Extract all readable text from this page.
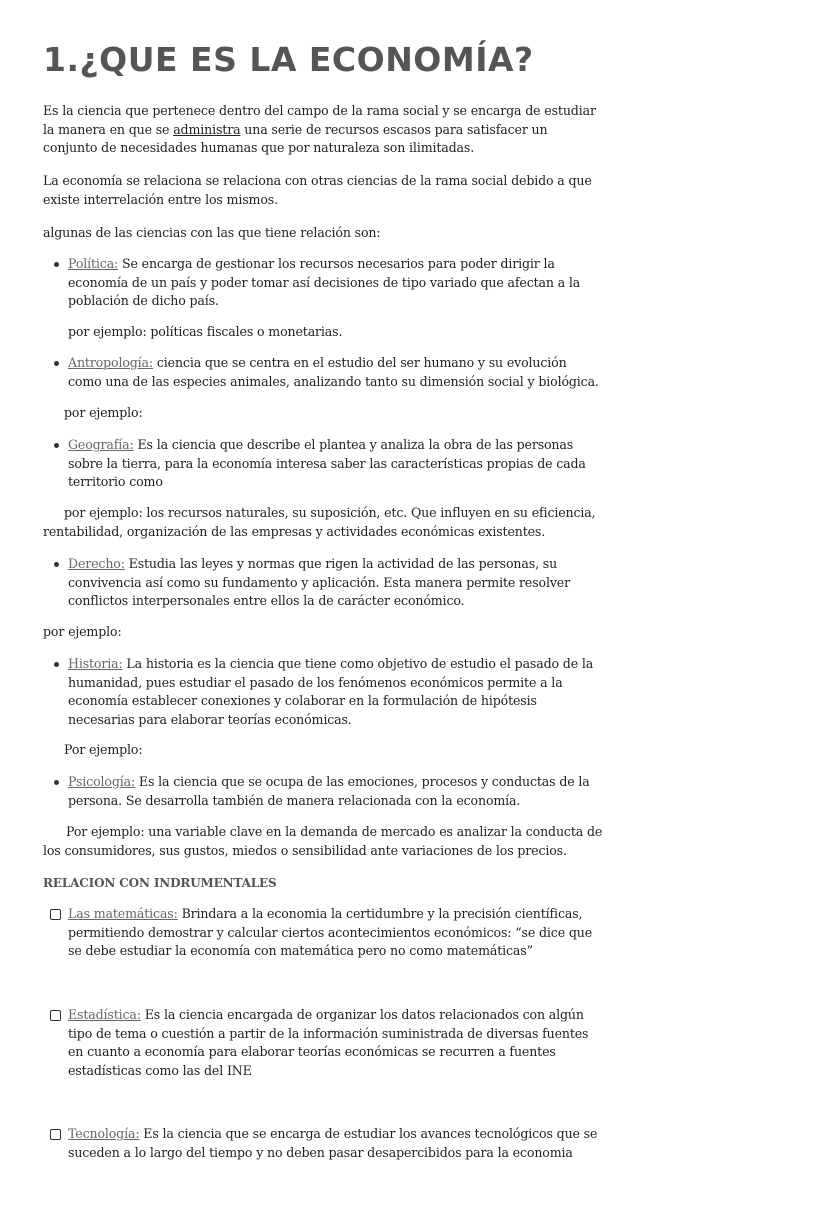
1.¿QUE ES LA ECONOMÍA?

Es la ciencia que pertenece dentro del campo de la rama social y se encarga de estudiar la manera en que se administra una serie de recursos escasos para satisfacer un conjunto de necesidades humanas que por naturaleza son ilimitadas.

La economía se relaciona se relaciona con otras ciencias de la rama social debido a que existe interrelación entre los mismos.

algunas de las ciencias con las que tiene relación son:

Política: Se encarga de gestionar los recursos necesarios para poder dirigir la economía de un país y poder tomar así decisiones de tipo variado que afectan a la población de dicho país.
por ejemplo: políticas fiscales o monetarias.
Antropología: ciencia que se centra en el estudio del ser humano y su evolución como una de las especies animales, analizando tanto su dimensión social y biológica.
por ejemplo:
Geografía: Es la ciencia que describe el plantea y analiza la obra de las personas sobre la tierra, para la economía interesa saber las características propias de cada territorio como
por ejemplo: los recursos naturales, su suposición, etc. Que influyen en su eficiencia, rentabilidad, organización de las empresas y actividades económicas existentes.
Derecho: Estudia las leyes y normas que rigen la actividad de las personas, su convivencia así como su fundamento y aplicación. Esta manera permite resolver conflictos interpersonales entre ellos la de carácter económico.
por ejemplo:
Historia: La historia es la ciencia que tiene como objetivo de estudio el pasado de la humanidad, pues estudiar el pasado de los fenómenos económicos permite a la economía establecer conexiones y colaborar en la formulación de hipótesis necesarias para elaborar teorías económicas.
Por ejemplo:
Psicología: Es la ciencia que se ocupa de las emociones, procesos y conductas de la persona. Se desarrolla también de manera relacionada con la economía.
Por ejemplo: una variable clave en la demanda de mercado es analizar la conducta de los consumidores, sus gustos, miedos o sensibilidad ante variaciones de los precios.
RELACION CON INDRUMENTALES
Las matemáticas: Brindara a la economia la certidumbre y la precisión científicas, permitiendo demostrar y calcular ciertos acontecimientos económicos: “se dice que se debe estudiar la economía con matemática pero no como matemáticas”
Estadística: Es la ciencia encargada de organizar los datos relacionados con algún tipo de tema o cuestión a partir de la información suministrada de diversas fuentes en cuanto a economía para elaborar teorías económicas se recurren a fuentes estadísticas como las del INE
Tecnología: Es la ciencia que se encarga de estudiar los avances tecnológicos que se suceden a lo largo del tiempo y no deben pasar desapercibidos para la economia
